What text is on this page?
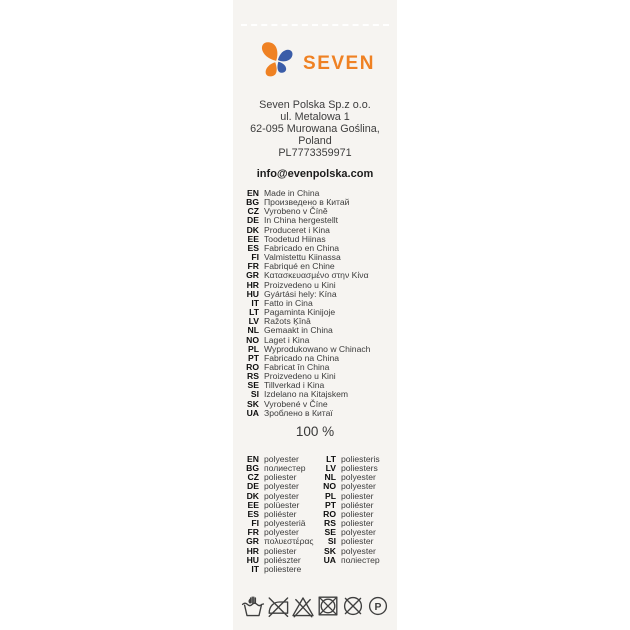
SEVEN
Seven Polska Sp.z o.o.
ul. Metalowa 1
62-095 Murowana Goślina,
Poland
PL7773359971
info@evenpolska.com
EN Made in China
BG Произведено в Китай
CZ Vyrobeno v Číně
DE In China hergestellt
DK Produceret i Kina
EE Toodetud Hiinas
ES Fabricado en China
FI Valmistettu Kiinassa
FR Fabriqué en Chine
GR Κατασκευασμένο στην Κίνα
HR Proizvedeno u Kini
HU Gyártási hely: Kína
IT Fatto in Cina
LT Pagaminta Kinijoje
LV Ražots Ķīnā
NL Gemaakt in China
NO Laget i Kina
PL Wyprodukowano w Chinach
PT Fabricado na China
RO Fabricat în China
RS Proizvedeno u Kini
SE Tillverkad i Kina
SI Izdelano na Kitajskem
SK Vyrobené v Číne
UA Зроблено в Китаї
100 %
EN polyester
BG полиестер
CZ poliester
DE polyester
DK polyester
EE polüester
ES poliéster
FI polyesteriä
FR polyester
GR πολυεστέρας
HR poliester
HU poliészter
IT poliestere
LT poliesteris
LV poliesters
NL polyester
NO polyester
PL poliester
PT poliéster
RO poliester
RS poliester
SE polyester
SI poliester
SK polyester
UA поліестер
P
